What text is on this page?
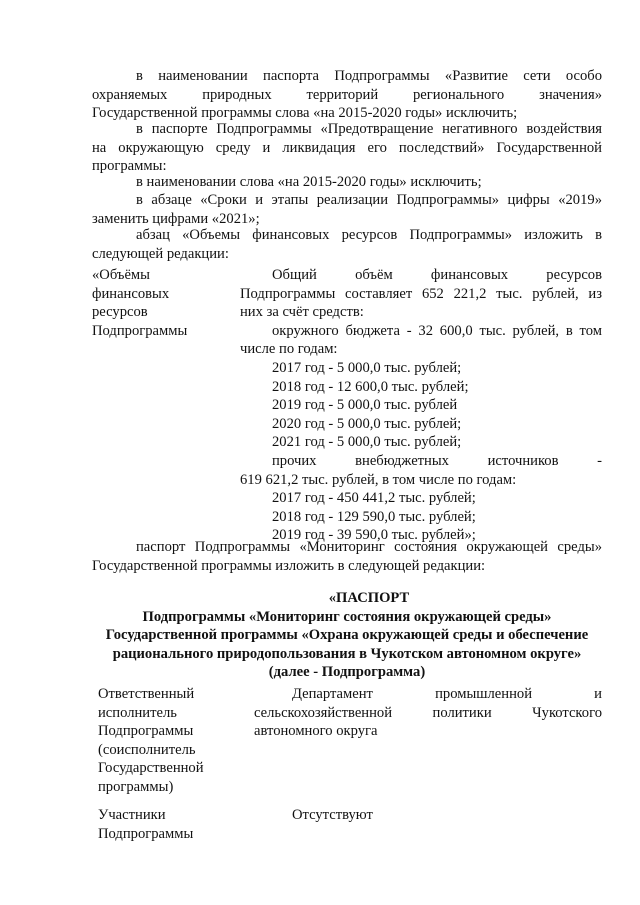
в наименовании паспорта Подпрограммы «Развитие сети особо
охраняемых природных территорий регионального значения»
Государственной программы слова «на 2015-2020 годы» исключить;
в паспорте Подпрограммы «Предотвращение негативного воздействия
на окружающую среду и ликвидация его последствий» Государственной
программы:
в наименовании слова «на 2015-2020 годы» исключить;
в абзаце «Сроки и этапы реализации Подпрограммы» цифры «2019»
заменить цифрами «2021»;
абзац «Объемы финансовых ресурсов Подпрограммы» изложить в
следующей редакции:
«Объёмы
финансовых
ресурсов
Подпрограммы
Общий объём финансовых ресурсов
Подпрограммы составляет 652 221,2 тыс. рублей, из
них за счёт средств:
окружного бюджета - 32 600,0 тыс. рублей, в том
числе по годам:
2017 год - 5 000,0 тыс. рублей;
2018 год - 12 600,0 тыс. рублей;
2019 год - 5 000,0 тыс. рублей
2020 год - 5 000,0 тыс. рублей;
2021 год - 5 000,0 тыс. рублей;
прочих внебюджетных источников -
619 621,2 тыс. рублей, в том числе по годам:
2017 год - 450 441,2 тыс. рублей;
2018 год - 129 590,0 тыс. рублей;
2019 год - 39 590,0 тыс. рублей»;
паспорт Подпрограммы «Мониторинг состояния окружающей среды»
Государственной программы изложить в следующей редакции:
«ПАСПОРТ
Подпрограммы «Мониторинг состояния окружающей среды»
Государственной программы «Охрана окружающей среды и обеспечение
рационального природопользования в Чукотском автономном округе»
(далее - Подпрограмма)
Ответственный
исполнитель
Подпрограммы
(соисполнитель
Государственной
программы)
Департамент промышленной и
сельскохозяйственной политики Чукотского
автономного округа
Участники
Подпрограммы
Отсутствуют
